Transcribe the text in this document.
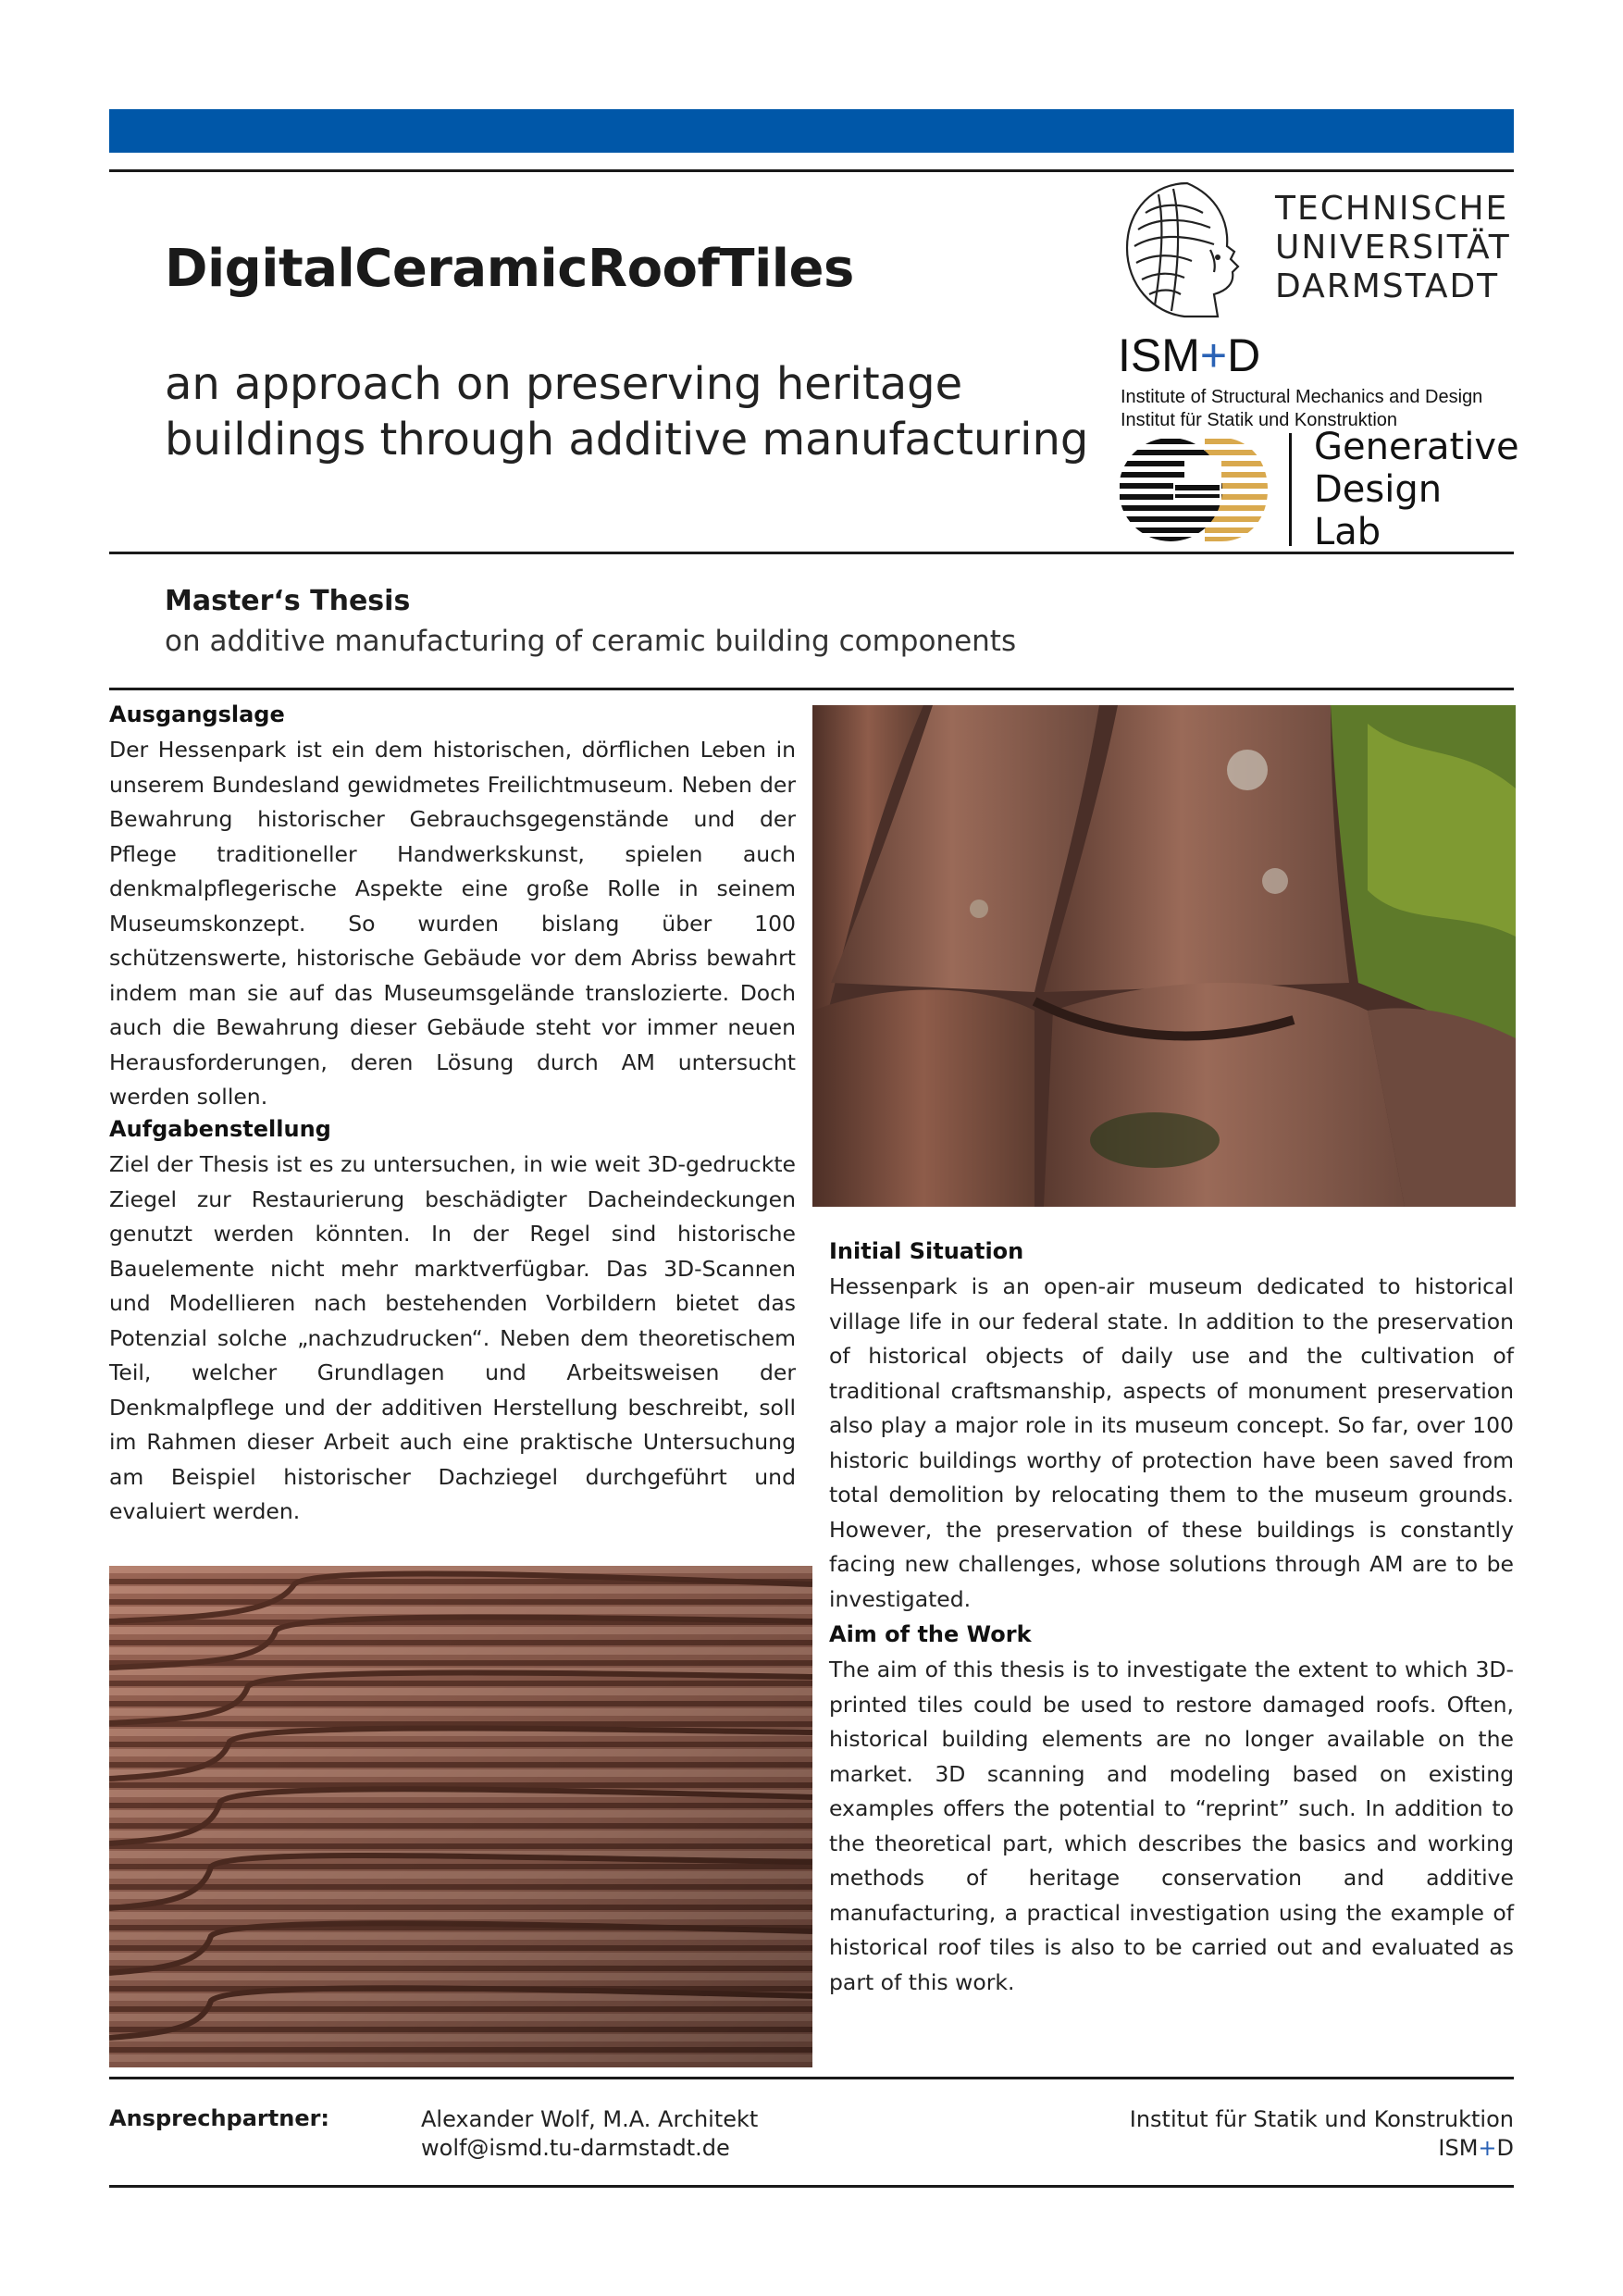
DigitalCeramicRoofTiles
an approach on preserving heritage
buildings through additive manufacturing
TECHNISCHE
UNIVERSITÄT
DARMSTADT
ISM+D
Institute of Structural Mechanics and Design
Institut für Statik und Konstruktion
Generative
Design
Lab
Master‘s Thesis
on additive manufacturing of ceramic building components
Ausgangslage

Der Hessenpark ist ein dem historischen, dörflichen Leben in unserem Bundesland gewidmetes Freilichtmuseum. Neben der Bewahrung historischer Gebrauchsgegenstände und der Pflege traditioneller Handwerkskunst, spielen auch denkmalpflegerische Aspekte eine große Rolle in seinem Museumskonzept. So wurden bislang über 100 schützenswerte, historische Gebäude vor dem Abriss bewahrt indem man sie auf das Museumsgelände translozierte. Doch auch die Bewahrung dieser Gebäude steht vor immer neuen Herausforderungen, deren Lösung durch AM untersucht werden sollen.

Aufgabenstellung

Ziel der Thesis ist es zu untersuchen, in wie weit 3D-gedruckte Ziegel zur Restaurierung beschädigter Dacheindeckungen genutzt werden könnten. In der Regel sind historische Bauelemente nicht mehr marktverfügbar. Das 3D-Scannen und Modellieren nach bestehenden Vorbildern bietet das Potenzial solche „nachzudrucken“. Neben dem theoretischem Teil, welcher Grundlagen und Arbeitsweisen der Denkmalpflege und der additiven Herstellung beschreibt, soll im Rahmen dieser Arbeit auch eine praktische Untersuchung am Beispiel historischer Dachziegel durchgeführt und evaluiert werden.

Initial Situation

Hessenpark is an open-air museum dedicated to historical village life in our federal state. In addition to the preservation of historical objects of daily use and the cultivation of traditional craftsmanship, aspects of monument preservation also play a major role in its museum concept. So far, over 100 historic buildings worthy of protection have been saved from total demolition by relocating them to the museum grounds. However, the preservation of these buildings is constantly facing new challenges, whose solutions through AM are to be investigated.

Aim of the Work

The aim of this thesis is to investigate the extent to which 3D-printed tiles could be used to restore damaged roofs. Often, historical building elements are no longer available on the market. 3D scanning and modeling based on existing examples offers the potential to “reprint” such. In addition to the theoretical part, which describes the basics and working methods of heritage conservation and additive manufacturing, a practical investigation using the example of historical roof tiles is also to be carried out and evaluated as part of this work.

Ansprechpartner:	Alexander Wolf, M.A. Architekt
wolf@ismd.tu-darmstadt.de
Institut für Statik und Konstruktion
ISM+D
